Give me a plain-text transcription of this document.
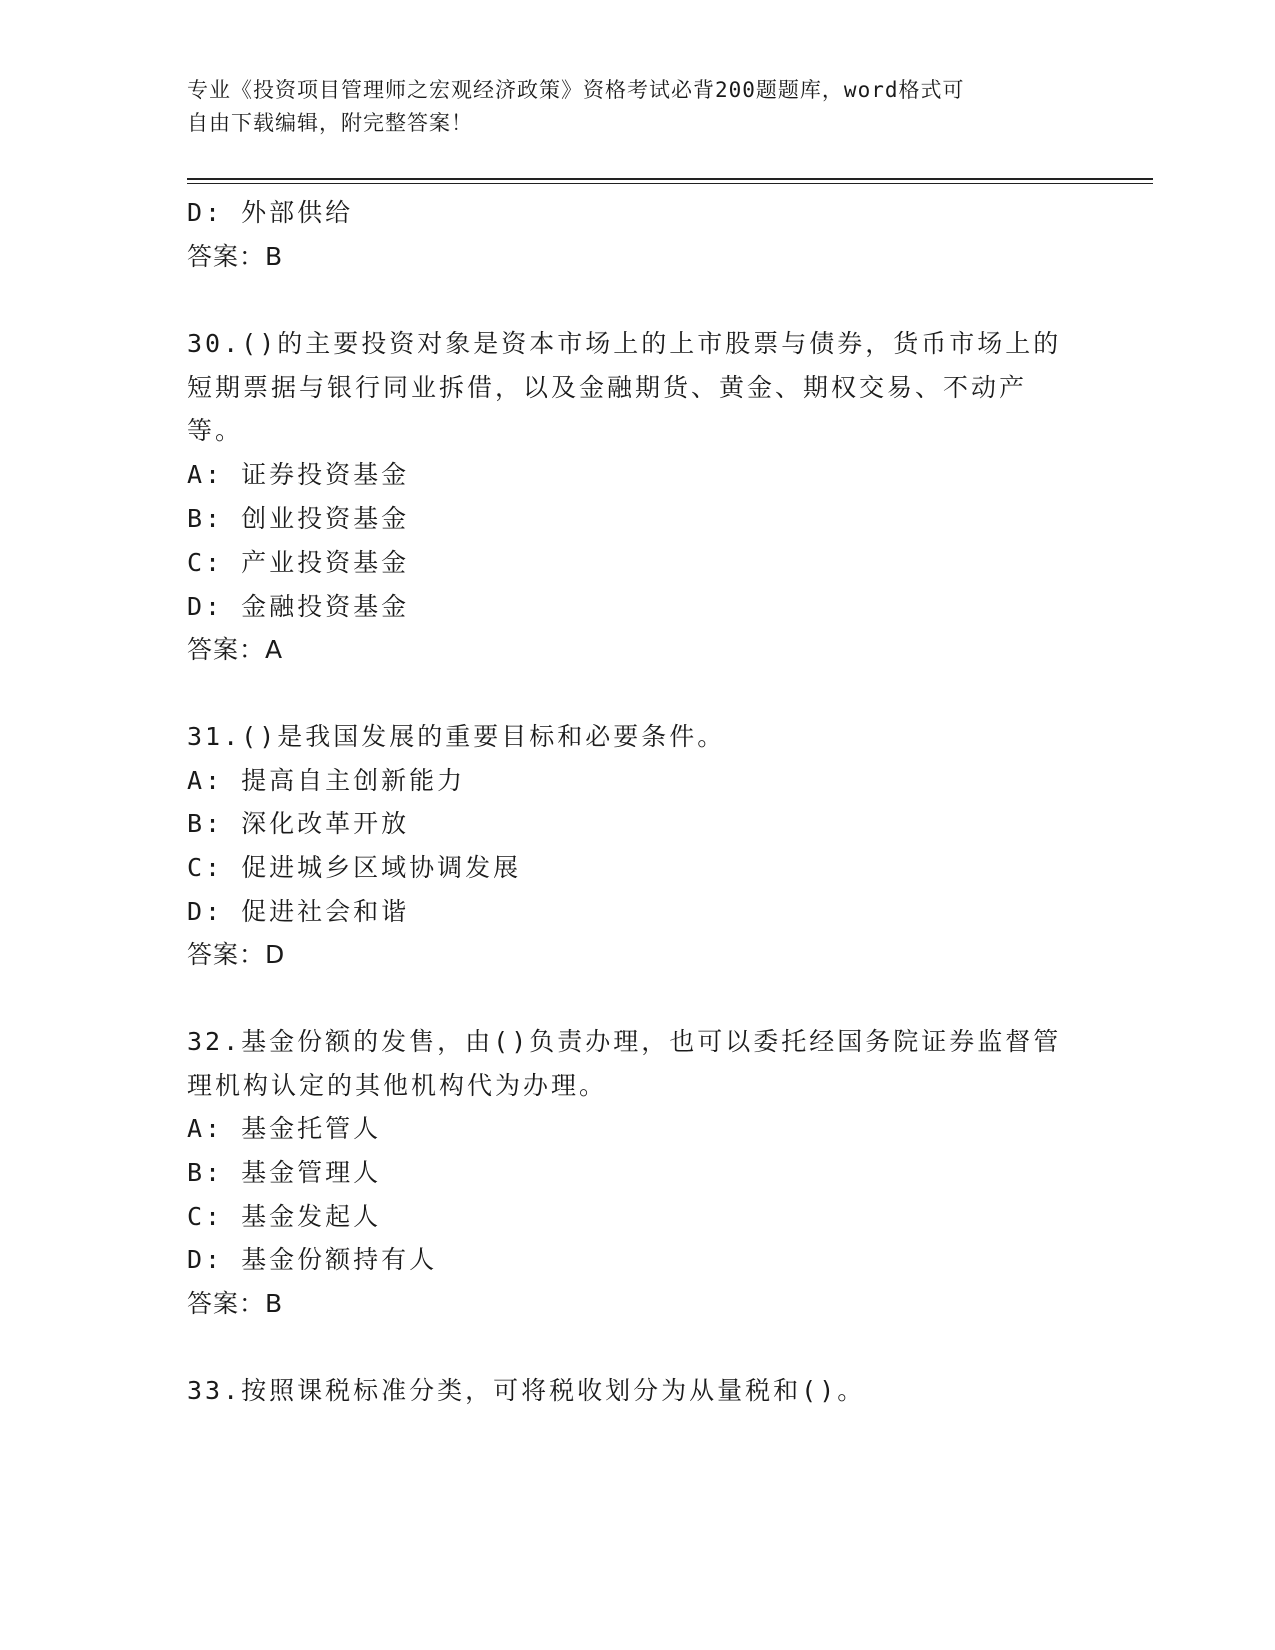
专业《投资项目管理师之宏观经济政策》资格考试必背200题题库，word格式可
自由下载编辑，附完整答案！
D: 外部供给
答案：B
30.()的主要投资对象是资本市场上的上市股票与债券，货币市场上的
短期票据与银行同业拆借，以及金融期货、黄金、期权交易、不动产
等。
A: 证券投资基金
B: 创业投资基金
C: 产业投资基金
D: 金融投资基金
答案：A
31.()是我国发展的重要目标和必要条件。
A: 提高自主创新能力
B: 深化改革开放
C: 促进城乡区域协调发展
D: 促进社会和谐
答案：D
32.基金份额的发售，由()负责办理，也可以委托经国务院证券监督管
理机构认定的其他机构代为办理。
A: 基金托管人
B: 基金管理人
C: 基金发起人
D: 基金份额持有人
答案：B
33.按照课税标准分类，可将税收划分为从量税和()。
